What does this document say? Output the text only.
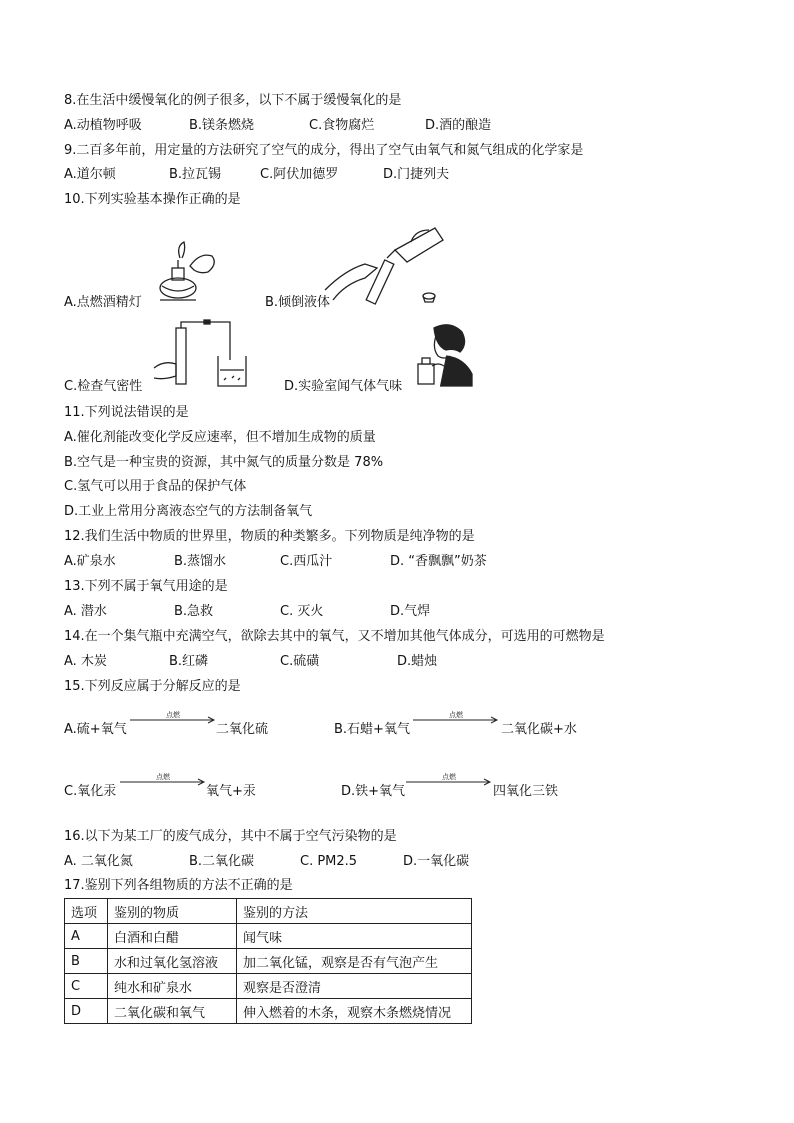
8.在生活中缓慢氧化的例子很多，以下不属于缓慢氧化的是
A.动植物呼吸	B.镁条燃烧	C.食物腐烂	D.酒的酿造
9.二百多年前，用定量的方法研究了空气的成分，得出了空气由氧气和氮气组成的化学家是
A.道尔顿	B.拉瓦锡	C.阿伏加德罗	D.门捷列夫
10.下列实验基本操作正确的是
A.点燃酒精灯	B.倾倒液体
C.检查气密性	D.实验室闻气体气味
11.下列说法错误的是
A.催化剂能改变化学反应速率，但不增加生成物的质量
B.空气是一种宝贵的资源，其中氮气的质量分数是 78%
C.氢气可以用于食品的保护气体
D.工业上常用分离液态空气的方法制备氧气
12.我们生活中物质的世界里，物质的种类繁多。下列物质是纯净物的是
A.矿泉水	B.蒸馏水	C.西瓜汁	D. “香飘飘”奶茶
13.下列不属于氧气用途的是
A. 潜水	B.急救	C. 灭火	D.气焊
14.在一个集气瓶中充满空气，欲除去其中的氧气，又不增加其他气体成分，可选用的可燃物是
A. 木炭	B.红磷	C.硫磺	D.蜡烛
15.下列反应属于分解反应的是
A.硫+氧气
点燃
二氧化硫	B.石蜡+氧气
点燃
二氧化碳+水
C.氧化汞
点燃
氧气+汞	D.铁+氧气
点燃
四氧化三铁
16.以下为某工厂的废气成分，其中不属于空气污染物的是
A. 二氧化氮	B.二氧化碳	C. PM2.5	D.一氧化碳
17.鉴别下列各组物质的方法不正确的是
选项	鉴别的物质	鉴别的方法
A	白酒和白醋	闻气味
B	水和过氧化氢溶液	加二氧化锰，观察是否有气泡产生
C	纯水和矿泉水	观察是否澄清
D	二氧化碳和氧气	伸入燃着的木条，观察木条燃烧情况
